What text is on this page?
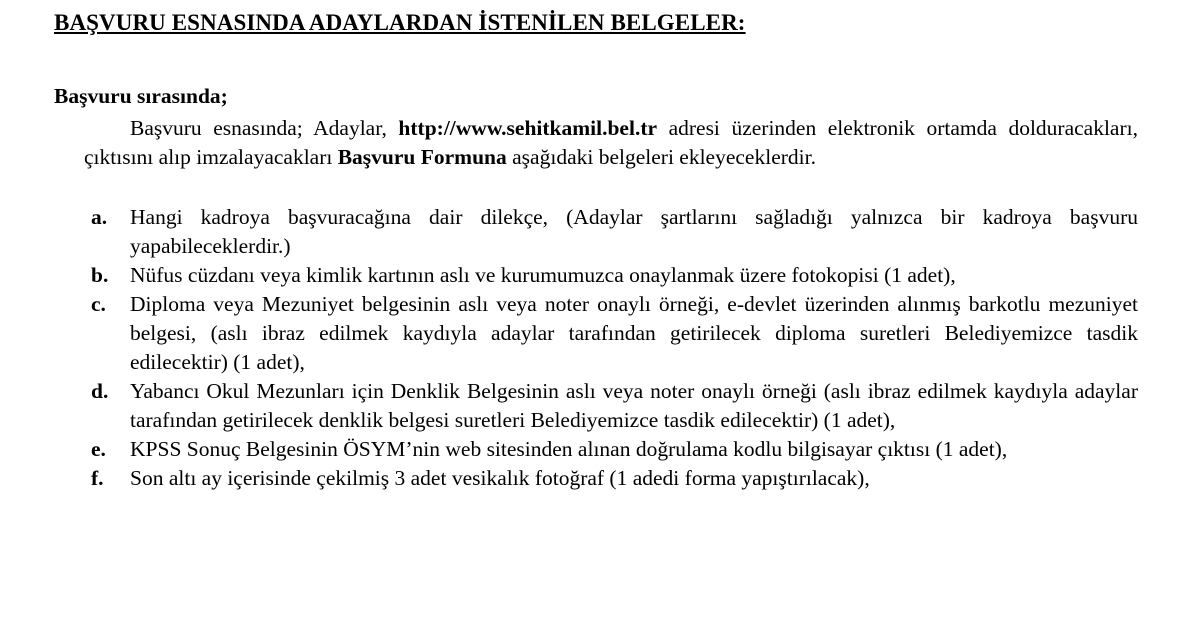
BAŞVURU ESNASINDA ADAYLARDAN İSTENİLEN BELGELER:
Başvuru sırasında;

Başvuru esnasında; Adaylar, http://www.sehitkamil.bel.tr adresi üzerinden elektronik ortamda dolduracakları, çıktısını alıp imzalayacakları Başvuru Formuna aşağıdaki belgeleri ekleyeceklerdir.

a. Hangi kadroya başvuracağına dair dilekçe, (Adaylar şartlarını sağladığı yalnızca bir kadroya başvuru yapabileceklerdir.)
b. Nüfus cüzdanı veya kimlik kartının aslı ve kurumumuzca onaylanmak üzere fotokopisi (1 adet),
c. Diploma veya Mezuniyet belgesinin aslı veya noter onaylı örneği, e-devlet üzerinden alınmış barkotlu mezuniyet belgesi, (aslı ibraz edilmek kaydıyla adaylar tarafından getirilecek diploma suretleri Belediyemizce tasdik edilecektir) (1 adet),
d. Yabancı Okul Mezunları için Denklik Belgesinin aslı veya noter onaylı örneği (aslı ibraz edilmek kaydıyla adaylar tarafından getirilecek denklik belgesi suretleri Belediyemizce tasdik edilecektir) (1 adet),
e. KPSS Sonuç Belgesinin ÖSYM’nin web sitesinden alınan doğrulama kodlu bilgisayar çıktısı (1 adet),
f. Son altı ay içerisinde çekilmiş 3 adet vesikalık fotoğraf (1 adedi forma yapıştırılacak),
